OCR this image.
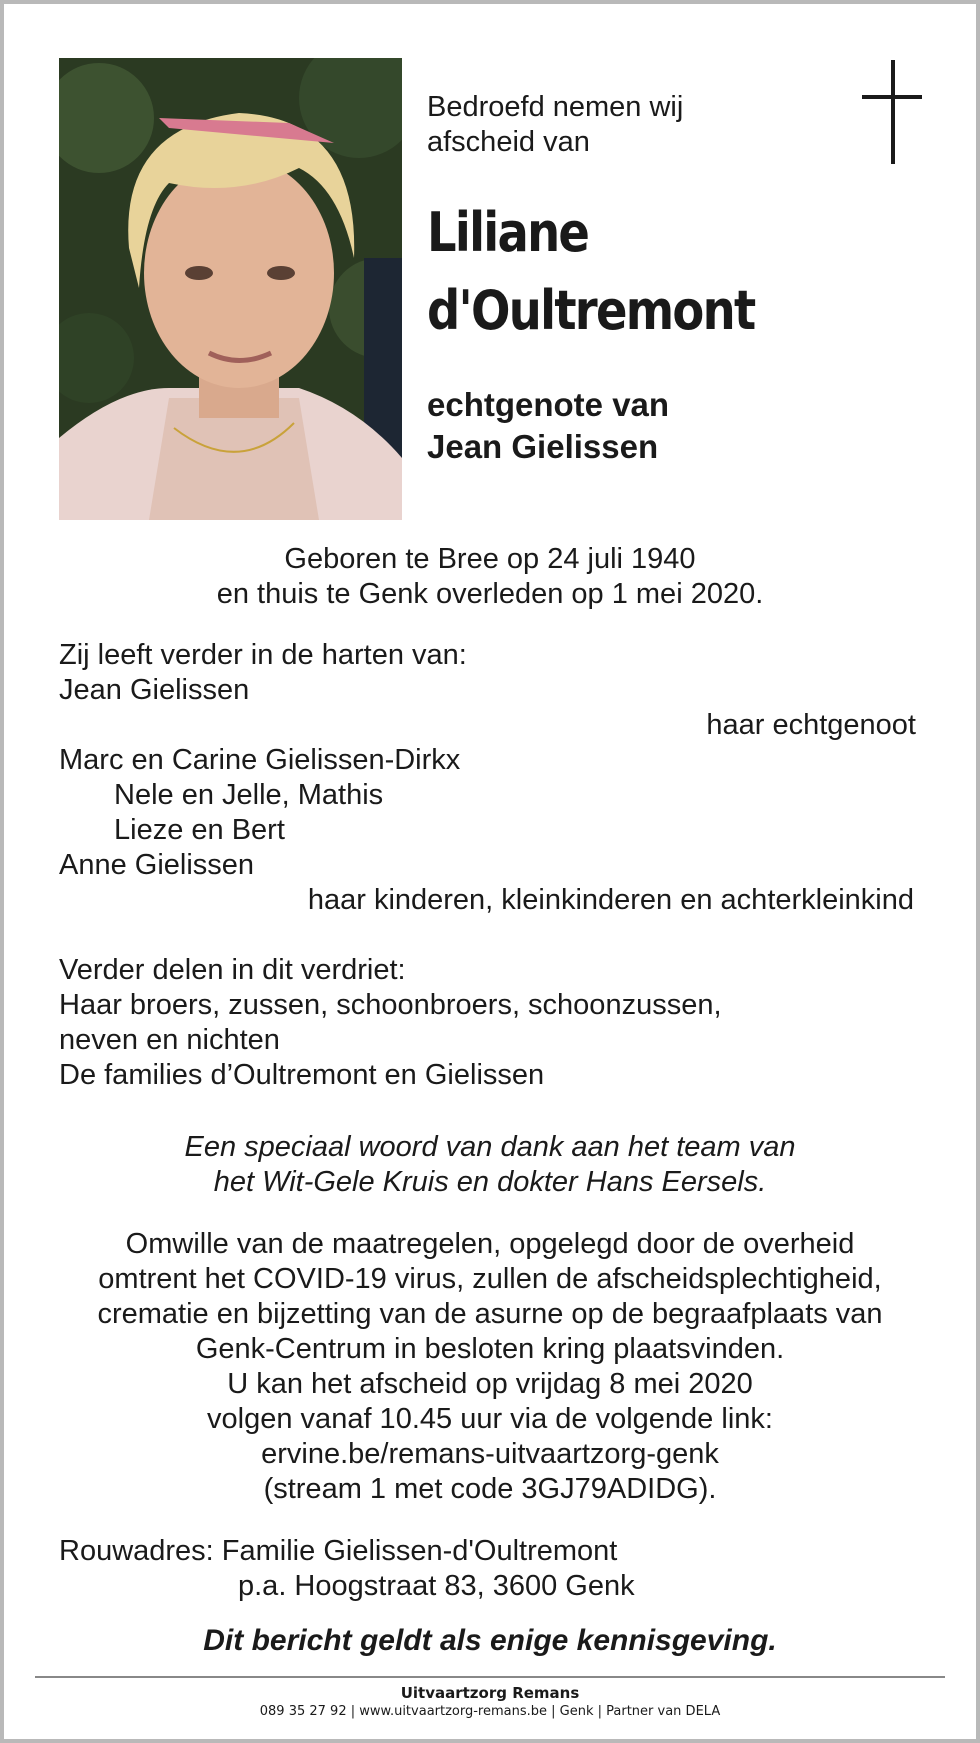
Bedroefd nemen wij
afscheid van
Liliane
d'Oultremont
echtgenote van
Jean Gielissen
Geboren te Bree op 24 juli 1940
en thuis te Genk overleden op 1 mei 2020.
Zij leeft verder in de harten van:
Jean Gielissen
haar echtgenoot
Marc en Carine Gielissen-Dirkx
Nele en Jelle, Mathis
Lieze en Bert
Anne Gielissen
haar kinderen, kleinkinderen en achterkleinkind
Verder delen in dit verdriet:
Haar broers, zussen, schoonbroers, schoonzussen,
neven en nichten
De families d’Oultremont en Gielissen
Een speciaal woord van dank aan het team van
het Wit-Gele Kruis en dokter Hans Eersels.
Omwille van de maatregelen, opgelegd door de overheid
omtrent het COVID-19 virus, zullen de afscheidsplechtigheid,
crematie en bijzetting van de asurne op de begraafplaats van
Genk-Centrum in besloten kring plaatsvinden.
U kan het afscheid op vrijdag 8 mei 2020
volgen vanaf 10.45 uur via de volgende link:
ervine.be/remans-uitvaartzorg-genk
(stream 1 met code 3GJ79ADIDG).
Rouwadres: Familie Gielissen-d'Oultremont
p.a. Hoogstraat 83, 3600 Genk
Dit bericht geldt als enige kennisgeving.
Uitvaartzorg Remans
089 35 27 92 | www.uitvaartzorg-remans.be | Genk | Partner van DELA
